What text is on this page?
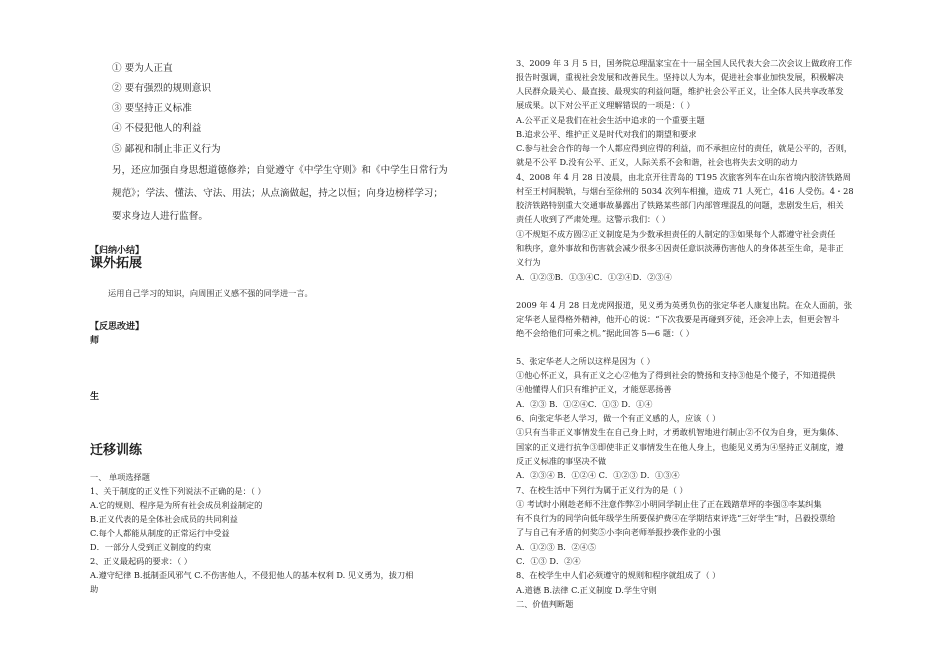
① 要为人正直
② 要有强烈的规则意识
③ 要坚持正义标准
④ 不侵犯他人的利益
⑤ 鄙视和制止非正义行为
另，还应加强自身思想道德修养；自觉遵守《中学生守则》和《中学生日常行为
规范》；学法、懂法、守法、用法；从点滴做起，持之以恒；向身边榜样学习；
要求身边人进行监督。
【归纳小结】
课外拓展
运用自己学习的知识，向周围正义感不强的同学进一言。
【反思改进】
师
生
迁移训练
一、 单项选择题
1、关于制度的正义性下列说法不正确的是：（ ）
A.它的规则、程序是为所有社会成员利益制定的
B.正义代表的是全体社会成员的共同利益
C.每个人都能从制度的正常运行中受益
D．一部分人受到正义制度的约束
2、正义最起码的要求：（ ）
A.遵守纪律 B.抵制歪风邪气 C.不伤害他人，不侵犯他人的基本权利 D. 见义勇为，拔刀相
助
3、2009 年 3 月 5 日，国务院总理温家宝在十一届全国人民代表大会二次会议上做政府工作
报告时强调，重视社会发展和改善民生。坚持以人为本，促进社会事业加快发展，积极解决
人民群众最关心、最直接、最现实的利益问题，维护社会公平正义，让全体人民共享改革发
展成果。以下对公平正义理解错误的一项是：（ ）
A.公平正义是我们在社会生活中追求的一个重要主题
B.追求公平、维护正义是时代对我们的期望和要求
C.参与社会合作的每一个人都应得到应得的利益，而不承担应付的责任，就是公平的，否则，
就是不公平 D.没有公平、正义，人际关系不会和谐，社会也将失去文明的动力
4、2008 年 4 月 28 日凌晨，由北京开往青岛的 T195 次旅客列车在山东省境内胶济铁路周
村至王村间脱轨，与烟台至徐州的 5034 次列车相撞，造成 71 人死亡，416 人受伤。4・28
胶济铁路特别重大交通事故暴露出了铁路某些部门内部管理混乱的问题，悲剧发生后，相关
责任人收到了严肃处理。这警示我们：（ ）
①不规矩不成方圆②正义制度是为少数承担责任的人制定的③如果每个人都遵守社会责任
和秩序，意外事故和伤害就会减少很多④因责任意识淡薄伤害他人的身体甚至生命，是非正
义行为
A．①②③B．①③④C．①②④D．②③④
2009 年 4 月 28 日龙虎网报道，见义勇为英勇负伤的张定华老人康复出院。在众人面前，张
定华老人显得格外精神，他开心的说：“下次我要是再碰到歹徒，还会冲上去，但更会智斗
绝不会给他们可乘之机。”据此回答 5—6 题：（ ）
5、张定华老人之所以这样是因为（ ）
①他心怀正义，具有正义之心②他为了得到社会的赞扬和支持③他是个傻子，不知道提供
④他懂得人们只有维护正义，才能惩恶扬善
A．②③ B．①②④C．①③ D．①④
6、向张定华老人学习，做一个有正义感的人，应该（ ）
①只有当非正义事情发生在自己身上时，才勇敢机智地进行制止②不仅为自身，更为集体、
国家的正义进行抗争③即使非正义事情发生在他人身上，也能见义勇为④坚持正义制度，遵
反正义标准的事坚决不做
A．②③④ B．①②④ C．①②③ D．①③④
7、在校生活中下列行为属于正义行为的是（ ）
① 考试时小刚趁老师不注意作弊②小明同学制止住了正在践踏草坪的李强③李某纠集
有不良行为的同学向低年级学生所要保护费④在学期结束评选“三好学生”时，吕毅投票给
了与自己有矛盾的何奖⑤小李向老师举报抄袭作业的小强
A．①②③ B．②④⑤
C．①③ D．②④
8、在校学生中人们必须遵守的规则和程序就组成了（ ）
A.道德 B.法律 C.正义制度 D.学生守则
二、价值判断题
